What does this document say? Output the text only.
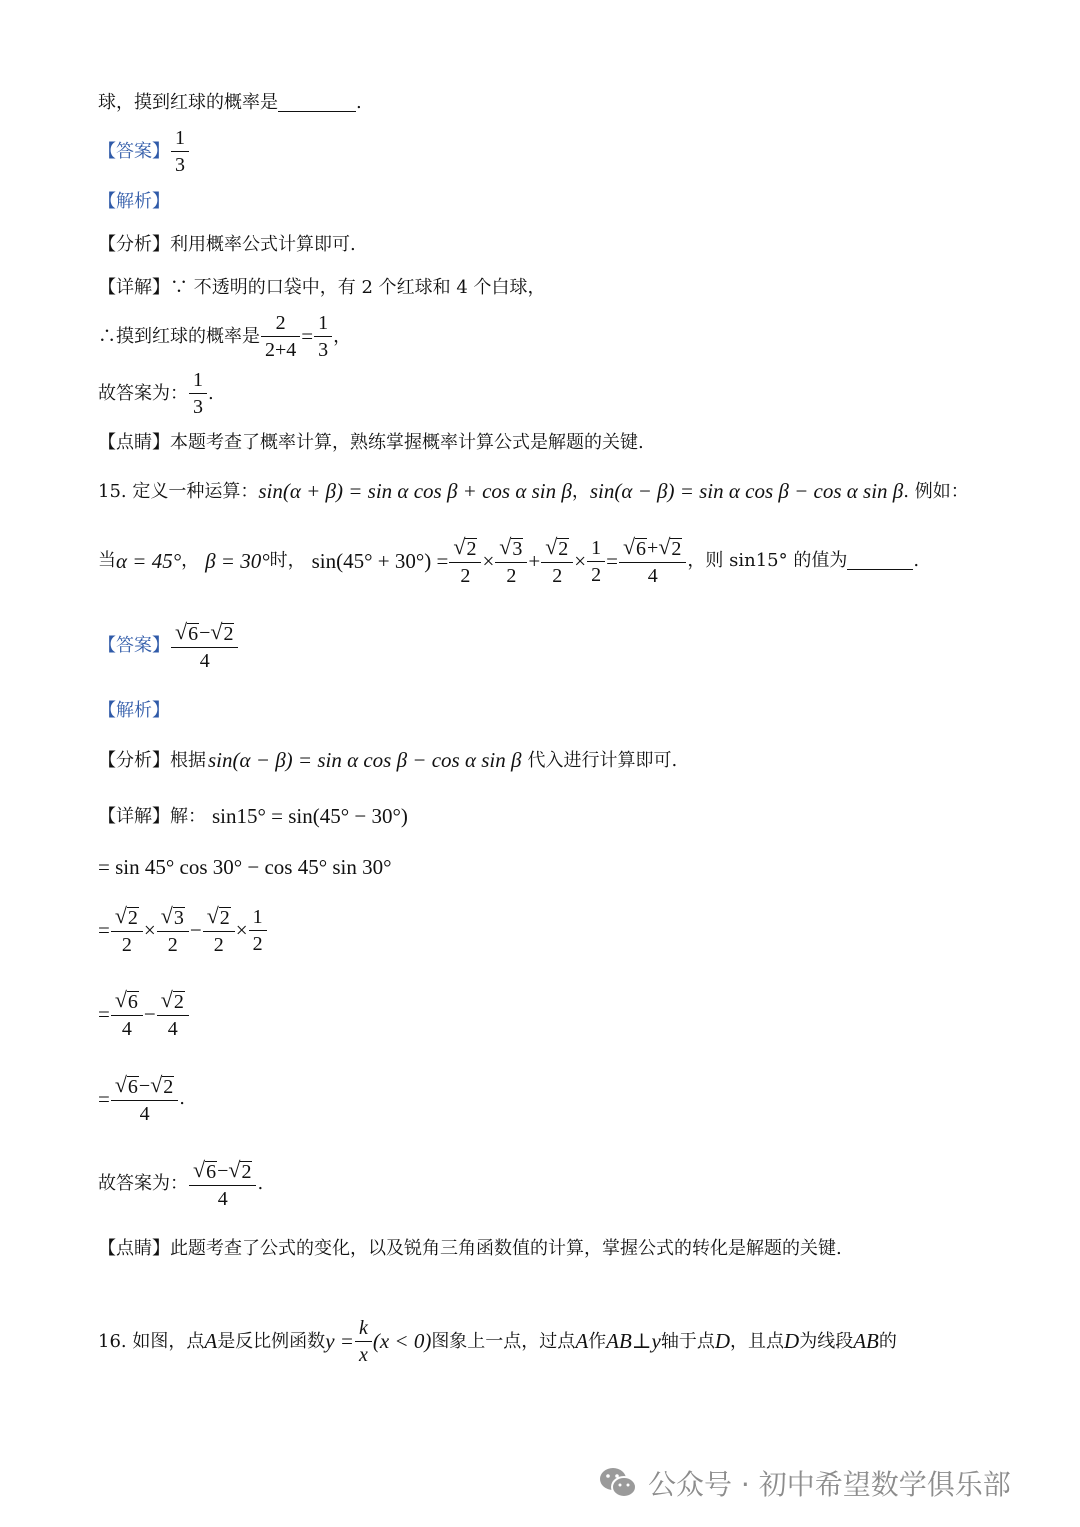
球，摸到红球的概率是	.
【答案】 $\frac{1}{3}$
【解析】
【分析】利用概率公式计算即可.
【详解】∵ 不透明的口袋中，有 2 个红球和 4 个白球，
∴摸到红球的概率是 $\frac{2}{2+4} = \frac{1}{3}$ ，
故答案为： $\frac{1}{3}$ .
【点睛】本题考查了概率计算，熟练掌握概率计算公式是解题的关键.
15. 定义一种运算： sin(α + β) = sin α cos β + cos α sin β ， sin(α − β) = sin α cos β − cos α sin β . 例如：
当 α = 45° ， β = 30° 时， $\sin(45^\circ + 30^\circ) = \frac{√ 2}{2} \times \frac{√ 3}{2} + \frac{√ 2}{2} \times \frac{1}{2} = \frac{√ 6 + √ 2}{4}$ ，则 sin15° 的值为	.
【答案】 $\frac{√ 6 - √ 2}{4}$
【解析】
【分析】根据 sin(α − β) = sin α cos β − cos α sin β 代入进行计算即可.
【详解】解： sin15° = sin(45° − 30°)
= sin 45° cos 30° − cos 45° sin 30°
= $\frac{√ 2}{2} \times \frac{√ 3}{2} - \frac{√ 2}{2} \times \frac{1}{2}$
= $\frac{√ 6}{4} - \frac{√ 2}{4}$
= $\frac{√ 6 - √ 2}{4}$ .
故答案为： $\frac{√ 6 - √ 2}{4}$ .
【点睛】此题考查了公式的变化，以及锐角三角函数值的计算，掌握公式的转化是解题的关键.
16. 如图，点 A 是反比例函数 $y = \frac{k}{x} (x < 0)$ 图象上一点，过点 A 作 AB⊥y 轴于点 D ，且点 D 为线段 AB 的
公众号 · 初中希望数学俱乐部
